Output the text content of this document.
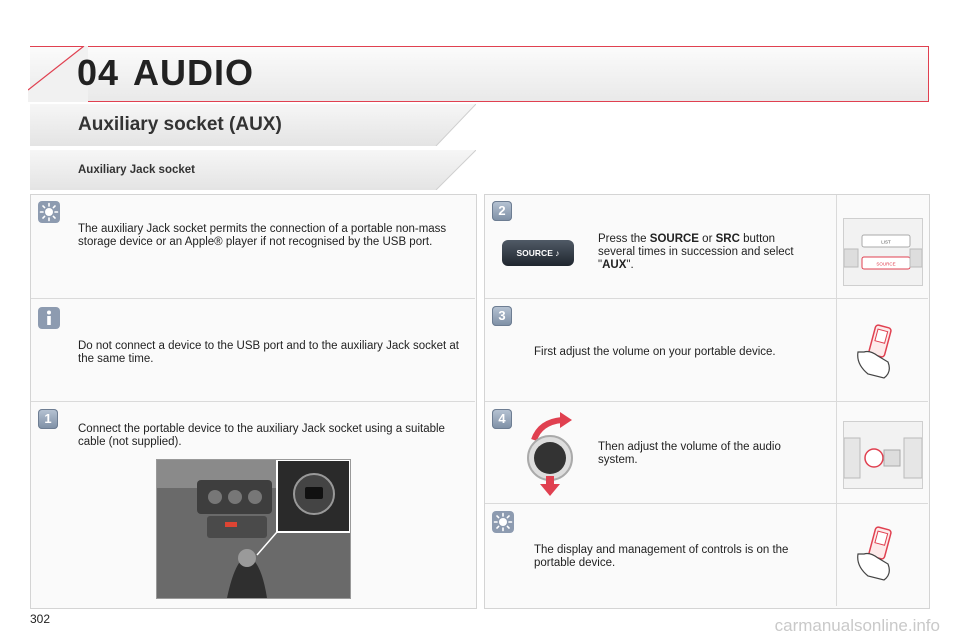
04 AUDIO
Auxiliary socket (AUX)
Auxiliary Jack socket
The auxiliary Jack socket permits the connection of a portable non-mass storage device or an Apple® player if not recognised by the USB port.
Do not connect a device to the USB port and to the auxiliary Jack socket at the same time.
1
Connect the portable device to the auxiliary Jack socket using a suitable cable (not supplied).
2
SOURCE ♪
Press the SOURCE or SRC button several times in succession and select "AUX".
LIST
SOURCE
3
First adjust the volume on your portable device.
4
Then adjust the volume of the audio system.
The display and management of controls is on the portable device.
302	carmanualsonline.info
